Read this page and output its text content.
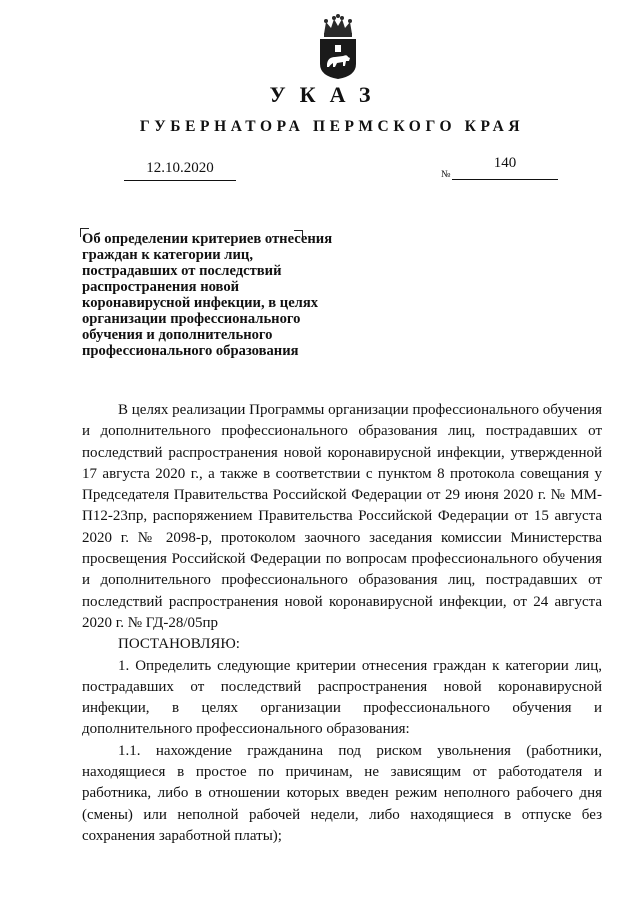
УКАЗ
ГУБЕРНАТОРА ПЕРМСКОГО КРАЯ
12.10.2020	№
140
Об определении критериев отнесения граждан к категории лиц, пострадавших от последствий распространения новой коронавирусной инфекции, в целях организации профессионального обучения и дополнительного профессионального образования

В целях реализации Программы организации профессионального обучения и дополнительного профессионального образования лиц, пострадавших от последствий распространения новой коронавирусной инфекции, утвержденной 17 августа 2020 г., а также в соответствии с пунктом 8 протокола совещания у Председателя Правительства Российской Федерации от 29 июня 2020 г. № ММ-П12-23пр, распоряжением Правительства Российской Федерации от 15 августа 2020 г. № 2098-р, протоколом заочного заседания комиссии Министерства просвещения Российской Федерации по вопросам профессионального обучения и дополнительного профессионального образования лиц, пострадавших от последствий распространения новой коронавирусной инфекции, от 24 августа 2020 г. № ГД-28/05пр

ПОСТАНОВЛЯЮ:

1. Определить следующие критерии отнесения граждан к категории лиц, пострадавших от последствий распространения новой коронавирусной инфекции, в целях организации профессионального обучения и дополнительного профессионального образования:

1.1. нахождение гражданина под риском увольнения (работники, находящиеся в простое по причинам, не зависящим от работодателя и работника, либо в отношении которых введен режим неполного рабочего дня (смены) или неполной рабочей недели, либо находящиеся в отпуске без сохранения заработной платы);
